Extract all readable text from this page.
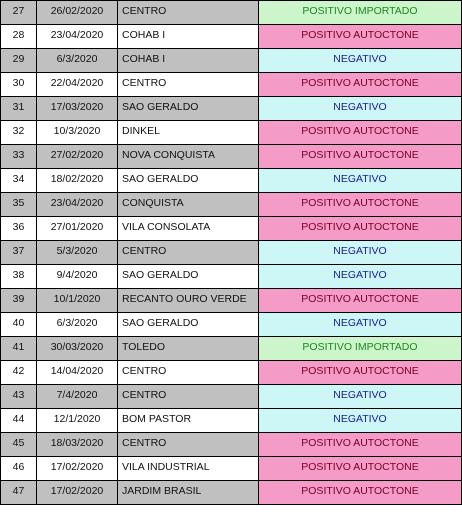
27	26/02/2020	CENTRO	POSITIVO IMPORTADO
28	23/04/2020	COHAB I	POSITIVO AUTOCTONE
29	6/3/2020	COHAB I	NEGATIVO
30	22/04/2020	CENTRO	POSITIVO AUTOCTONE
31	17/03/2020	SAO GERALDO	NEGATIVO
32	10/3/2020	DINKEL	POSITIVO AUTOCTONE
33	27/02/2020	NOVA CONQUISTA	POSITIVO AUTOCTONE
34	18/02/2020	SAO GERALDO	NEGATIVO
35	23/04/2020	CONQUISTA	POSITIVO AUTOCTONE
36	27/01/2020	VILA CONSOLATA	POSITIVO AUTOCTONE
37	5/3/2020	CENTRO	NEGATIVO
38	9/4/2020	SAO GERALDO	NEGATIVO
39	10/1/2020	RECANTO OURO VERDE	POSITIVO AUTOCTONE
40	6/3/2020	SAO GERALDO	NEGATIVO
41	30/03/2020	TOLEDO	POSITIVO IMPORTADO
42	14/04/2020	CENTRO	POSITIVO AUTOCTONE
43	7/4/2020	CENTRO	NEGATIVO
44	12/1/2020	BOM PASTOR	NEGATIVO
45	18/03/2020	CENTRO	POSITIVO AUTOCTONE
46	17/02/2020	VILA INDUSTRIAL	POSITIVO AUTOCTONE
47	17/02/2020	JARDIM BRASIL	POSITIVO AUTOCTONE
